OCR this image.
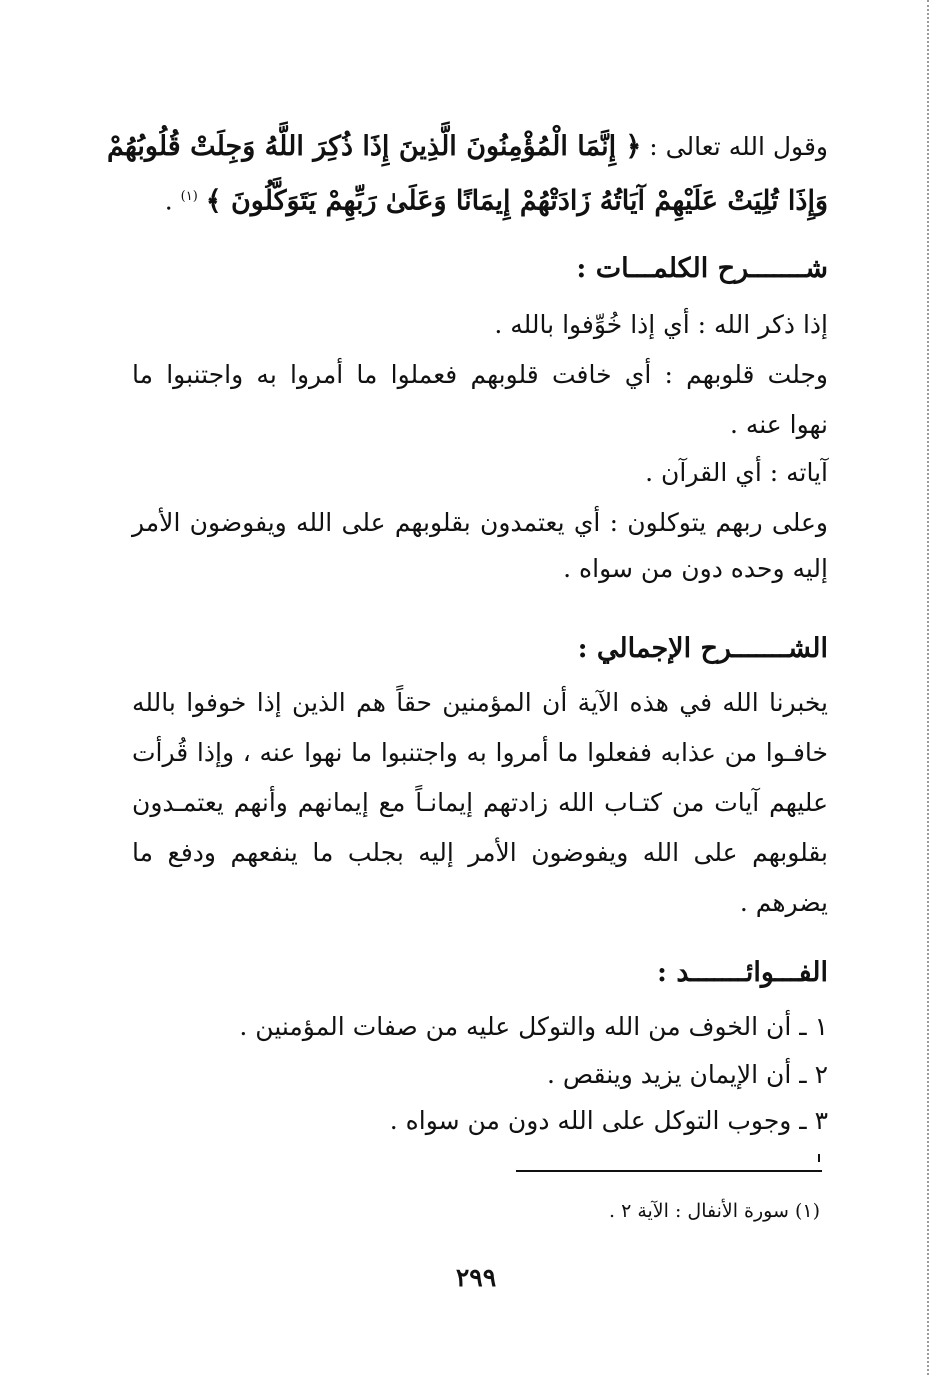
وقول الله تعالى : ﴿ إِنَّمَا الْمُؤْمِنُونَ الَّذِينَ إِذَا ذُكِرَ اللَّهُ وَجِلَتْ قُلُوبُهُمْ
وَإِذَا تُلِيَتْ عَلَيْهِمْ آيَاتُهُ زَادَتْهُمْ إِيمَانًا وَعَلَىٰ رَبِّهِمْ يَتَوَكَّلُونَ ﴾ $^{(١)}$ .
شـــــــرح الكلمـــات :
إذا ذكر الله : أي إذا خُوِّفوا بالله .
وجلت قلوبهم : أي خافت قلوبهم فعملوا ما أمروا به واجتنبوا ما
نهوا عنه .
آياته : أي القرآن .
وعلى ربهم يتوكلون : أي يعتمدون بقلوبهم على الله ويفوضون الأمر
إليه وحده دون من سواه .
الشـــــــرح الإجمالي :
يخبرنا الله في هذه الآية أن المؤمنين حقاً هم الذين إذا خوفوا بالله
خافـوا من عذابه ففعلوا ما أمروا به واجتنبوا ما نهوا عنه ، وإذا قُرأت
عليهم آيات من كتـاب الله زادتهم إيمانـاً مع إيمانهم وأنهم يعتمـدون
بقلوبهم على الله ويفوضون الأمر إليه بجلب ما ينفعهم ودفع ما
يضرهم .
الفـــوائـــــــد :
١ ـ أن الخوف من الله والتوكل عليه من صفات المؤمنين .
٢ ـ أن الإيمان يزيد وينقص .
٣ ـ وجوب التوكل على الله دون من سواه .
(١) سورة الأنفال : الآية ٢ .
٢٩٩
